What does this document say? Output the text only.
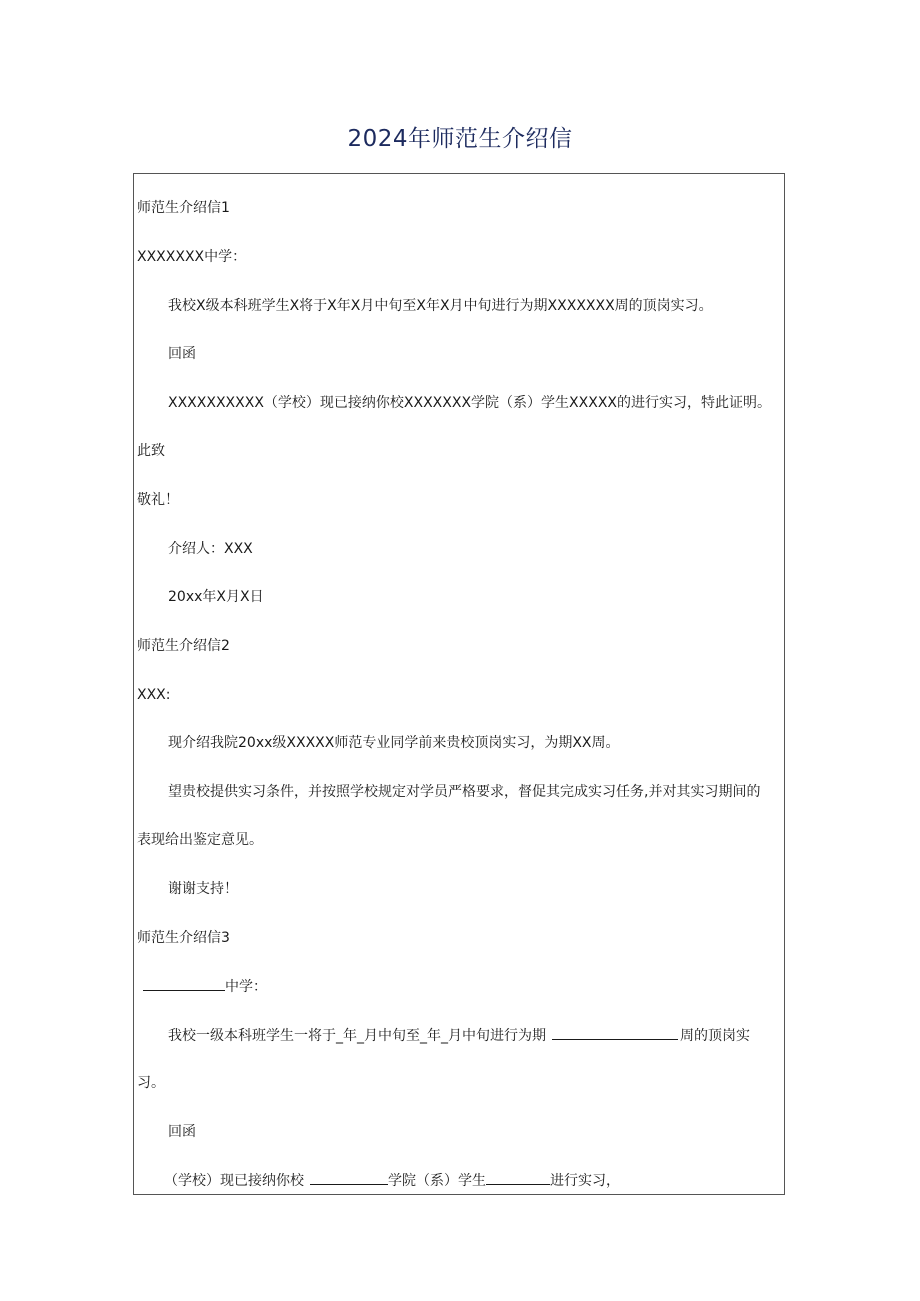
2024年师范生介绍信
师范生介绍信1
XXXXXXX中学：
我校X级本科班学生X将于X年X月中旬至X年X月中旬进行为期XXXXXXX周的顶岗实习。
回函
XXXXXXXXXX（学校）现已接纳你校XXXXXXX学院（系）学生XXXXX的进行实习，特此证明。
此致
敬礼！
介绍人：XXX
20xx年X月X日
师范生介绍信2
XXX:
现介绍我院20xx级XXXXX师范专业同学前来贵校顶岗实习，为期XX周。
望贵校提供实习条件，并按照学校规定对学员严格要求，督促其完成实习任务,并对其实习期间的
表现给出鉴定意见。
谢谢支持！
师范生介绍信3
中学：
我校一级本科班学生一将于_年_月中旬至_年_月中旬进行为期	周的顶岗实
习。
回函
（学校）现已接纳你校	学院（系）学生	进行实习，
